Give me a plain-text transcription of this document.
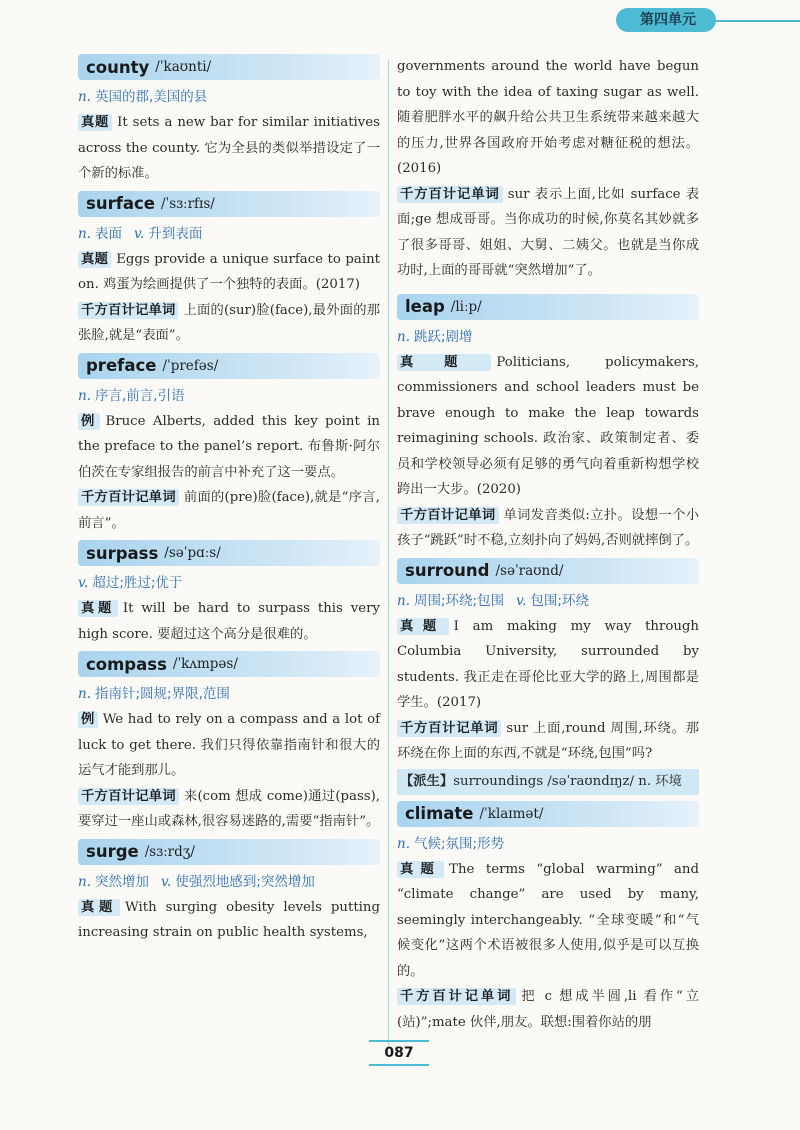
第四单元
county /ˈkaʊnti/
n. 英国的郡,美国的县

真题 It sets a new bar for similar initiatives across the county. 它为全县的类似举措设定了一个新的标准。

surface /ˈsɜːrfɪs/
n. 表面 v. 升到表面

真题 Eggs provide a unique surface to paint on. 鸡蛋为绘画提供了一个独特的表面。(2017)

千方百计记单词 上面的(sur)脸(face),最外面的那张脸,就是“表面”。

preface /ˈprefəs/
n. 序言,前言,引语

例 Bruce Alberts, added this key point in the preface to the panel’s report. 布鲁斯·阿尔伯茨在专家组报告的前言中补充了这一要点。

千方百计记单词 前面的(pre)脸(face),就是“序言,前言”。

surpass /səˈpɑːs/
v. 超过;胜过;优于

真题 It will be hard to surpass this very high score. 要超过这个高分是很难的。

compass /ˈkʌmpəs/
n. 指南针;圆规;界限,范围

例 We had to rely on a compass and a lot of luck to get there. 我们只得依靠指南针和很大的运气才能到那儿。

千方百计记单词 来(com 想成 come)通过(pass),要穿过一座山或森林,很容易迷路的,需要“指南针”。

surge /sɜːrdʒ/
n. 突然增加 v. 使强烈地感到;突然增加

真题 With surging obesity levels putting increasing strain on public health systems,

governments around the world have begun to toy with the idea of taxing sugar as well. 随着肥胖水平的飙升给公共卫生系统带来越来越大的压力,世界各国政府开始考虑对糖征税的想法。(2016)

千方百计记单词 sur 表示上面,比如 surface 表面;ge 想成哥哥。当你成功的时候,你莫名其妙就多了很多哥哥、姐姐、大舅、二姨父。也就是当你成功时,上面的哥哥就“突然增加”了。

leap /liːp/
n. 跳跃;剧增

真题 Politicians, policymakers, commissioners and school leaders must be brave enough to make the leap towards reimagining schools. 政治家、政策制定者、委员和学校领导必须有足够的勇气向着重新构想学校跨出一大步。(2020)

千方百计记单词 单词发音类似:立扑。设想一个小孩子“跳跃”时不稳,立刻扑向了妈妈,否则就摔倒了。

surround /səˈraʊnd/
n. 周围;环绕;包围 v. 包围;环绕

真题 I am making my way through Columbia University, surrounded by students. 我正走在哥伦比亚大学的路上,周围都是学生。(2017)

千方百计记单词 sur 上面,round 周围,环绕。那环绕在你上面的东西,不就是“环绕,包围”吗?

【派生】surroundings /səˈraʊndɪŋz/ n. 环境
climate /ˈklaɪmət/
n. 气候;氛围;形势

真题 The terms “global warming” and “climate change” are used by many, seemingly interchangeably. “全球变暖”和“气候变化”这两个术语被很多人使用,似乎是可以互换的。

千方百计记单词 把 c 想成半圆,li 看作“立(站)”;mate 伙伴,朋友。联想:围着你站的朋

087
